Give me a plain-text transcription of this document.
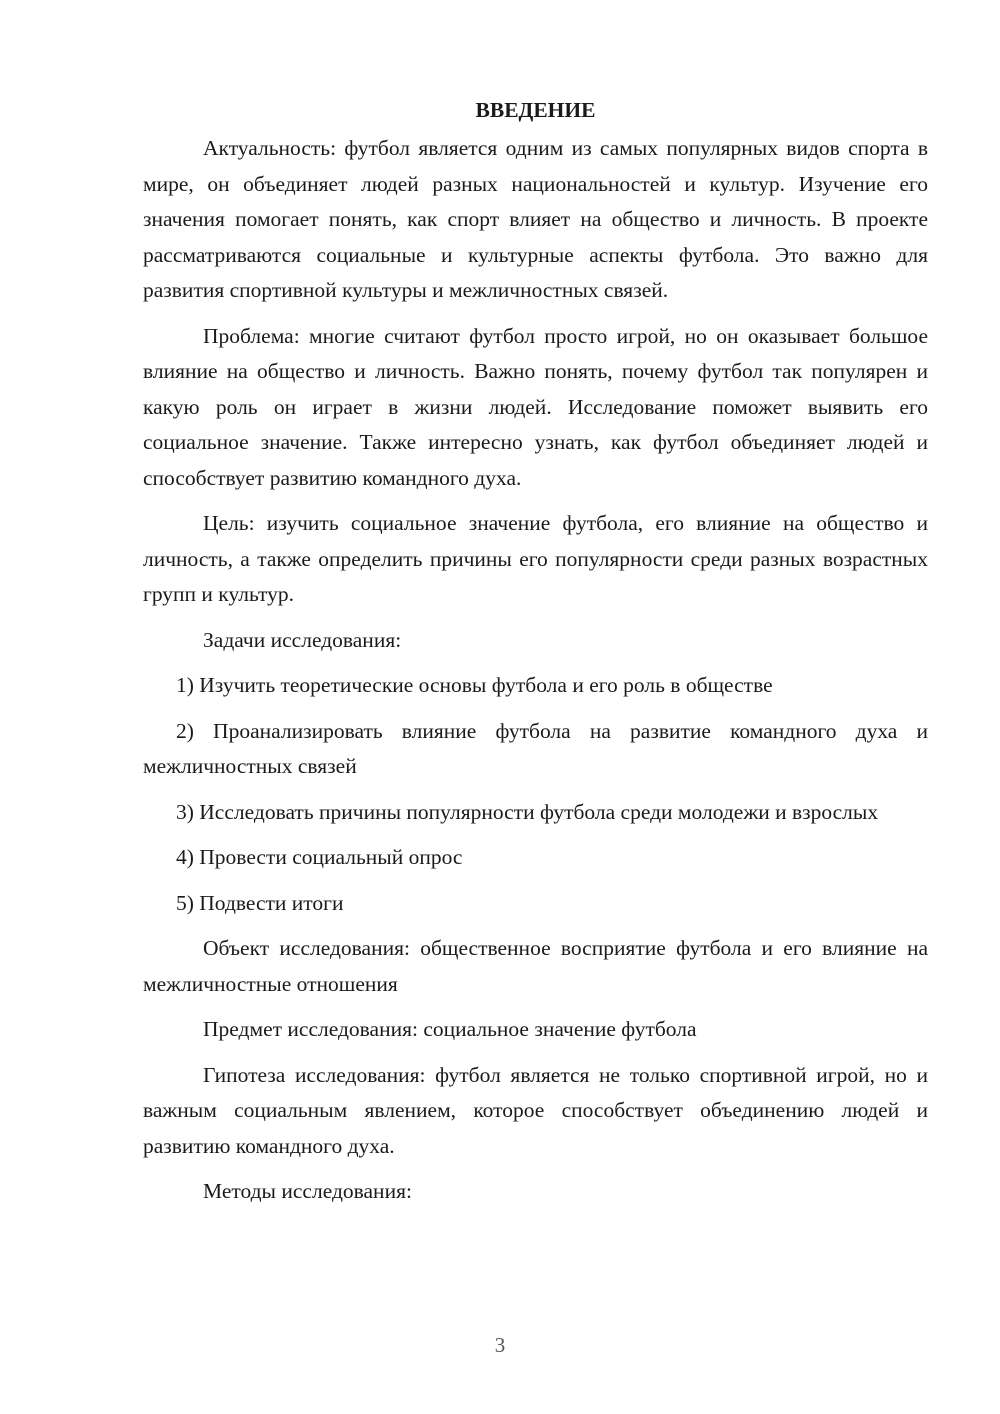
ВВЕДЕНИЕ

Актуальность: футбол является одним из самых популярных видов спорта в мире, он объединяет людей разных национальностей и культур. Изучение его значения помогает понять, как спорт влияет на общество и личность. В проекте рассматриваются социальные и культурные аспекты футбола. Это важно для развития спортивной культуры и межличностных связей.

Проблема: многие считают футбол просто игрой, но он оказывает большое влияние на общество и личность. Важно понять, почему футбол так популярен и какую роль он играет в жизни людей. Исследование поможет выявить его социальное значение. Также интересно узнать, как футбол объединяет людей и способствует развитию командного духа.

Цель: изучить социальное значение футбола, его влияние на общество и личность, а также определить причины его популярности среди разных возрастных групп и культур.

Задачи исследования:

1) Изучить теоретические основы футбола и его роль в обществе

2) Проанализировать влияние футбола на развитие командного духа и межличностных связей

3) Исследовать причины популярности футбола среди молодежи и взрослых

4) Провести социальный опрос

5) Подвести итоги

Объект исследования: общественное восприятие футбола и его влияние на межличностные отношения

Предмет исследования: социальное значение футбола

Гипотеза исследования: футбол является не только спортивной игрой, но и важным социальным явлением, которое способствует объединению людей и развитию командного духа.

Методы исследования:

3
